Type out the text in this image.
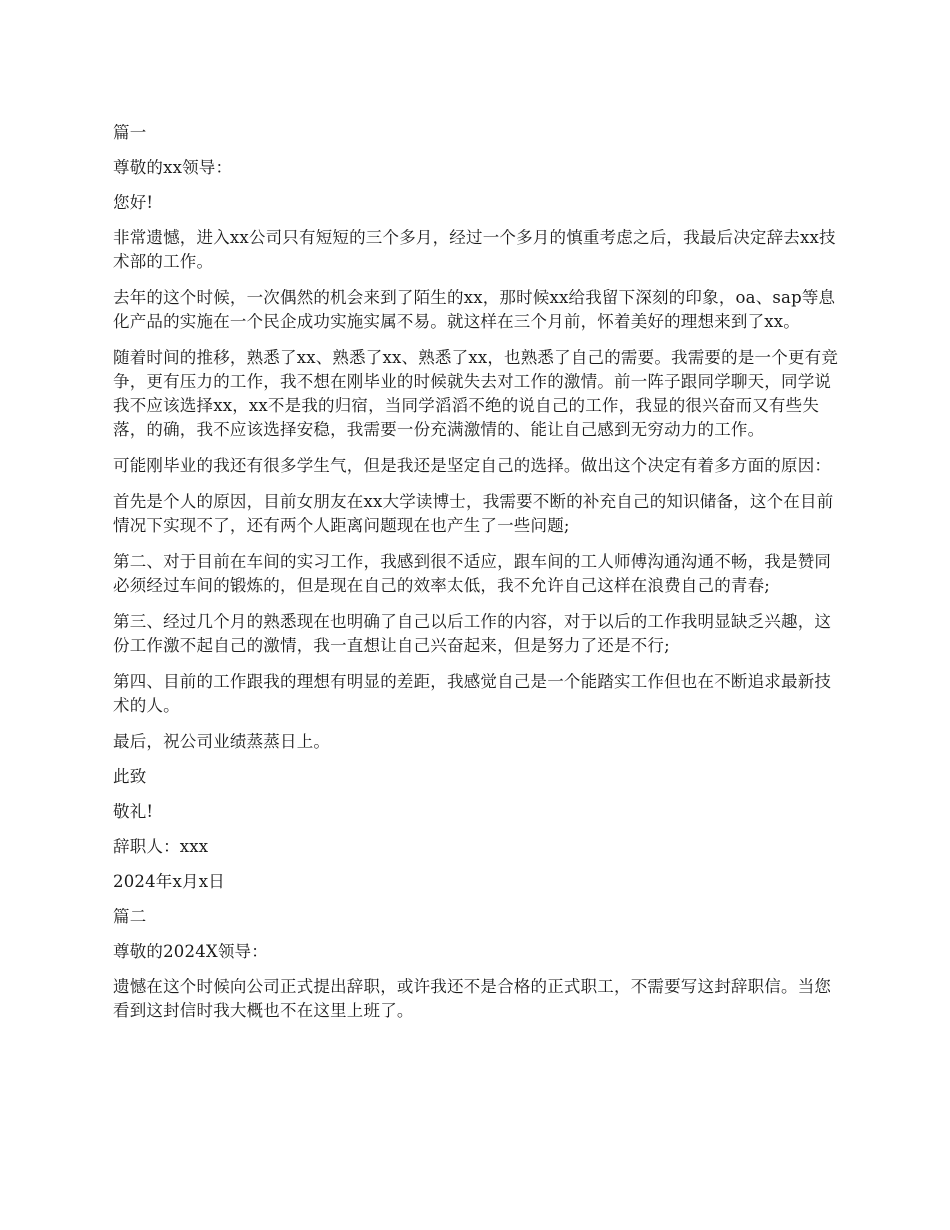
篇一

尊敬的xx领导：

您好!

非常遗憾，进入xx公司只有短短的三个多月，经过一个多月的慎重考虑之后，我最后决定辞去xx技术部的工作。

去年的这个时候，一次偶然的机会来到了陌生的xx，那时候xx给我留下深刻的印象，oa、sap等息化产品的实施在一个民企成功实施实属不易。就这样在三个月前，怀着美好的理想来到了xx。

随着时间的推移，熟悉了xx、熟悉了xx、熟悉了xx，也熟悉了自己的需要。我需要的是一个更有竞争，更有压力的工作，我不想在刚毕业的时候就失去对工作的激情。前一阵子跟同学聊天，同学说我不应该选择xx，xx不是我的归宿，当同学滔滔不绝的说自己的工作，我显的很兴奋而又有些失落，的确，我不应该选择安稳，我需要一份充满激情的、能让自己感到无穷动力的工作。

可能刚毕业的我还有很多学生气，但是我还是坚定自己的选择。做出这个决定有着多方面的原因：

首先是个人的原因，目前女朋友在xx大学读博士，我需要不断的补充自己的知识储备，这个在目前情况下实现不了，还有两个人距离问题现在也产生了一些问题;

第二、对于目前在车间的实习工作，我感到很不适应，跟车间的工人师傅沟通沟通不畅，我是赞同必须经过车间的锻炼的，但是现在自己的效率太低，我不允许自己这样在浪费自己的青春;

第三、经过几个月的熟悉现在也明确了自己以后工作的内容，对于以后的工作我明显缺乏兴趣，这份工作激不起自己的激情，我一直想让自己兴奋起来，但是努力了还是不行;

第四、目前的工作跟我的理想有明显的差距，我感觉自己是一个能踏实工作但也在不断追求最新技术的人。

最后，祝公司业绩蒸蒸日上。

此致

敬礼!

辞职人：xxx

2024年x月x日

篇二

尊敬的2024X领导：

遗憾在这个时候向公司正式提出辞职，或许我还不是合格的正式职工，不需要写这封辞职信。当您看到这封信时我大概也不在这里上班了。
